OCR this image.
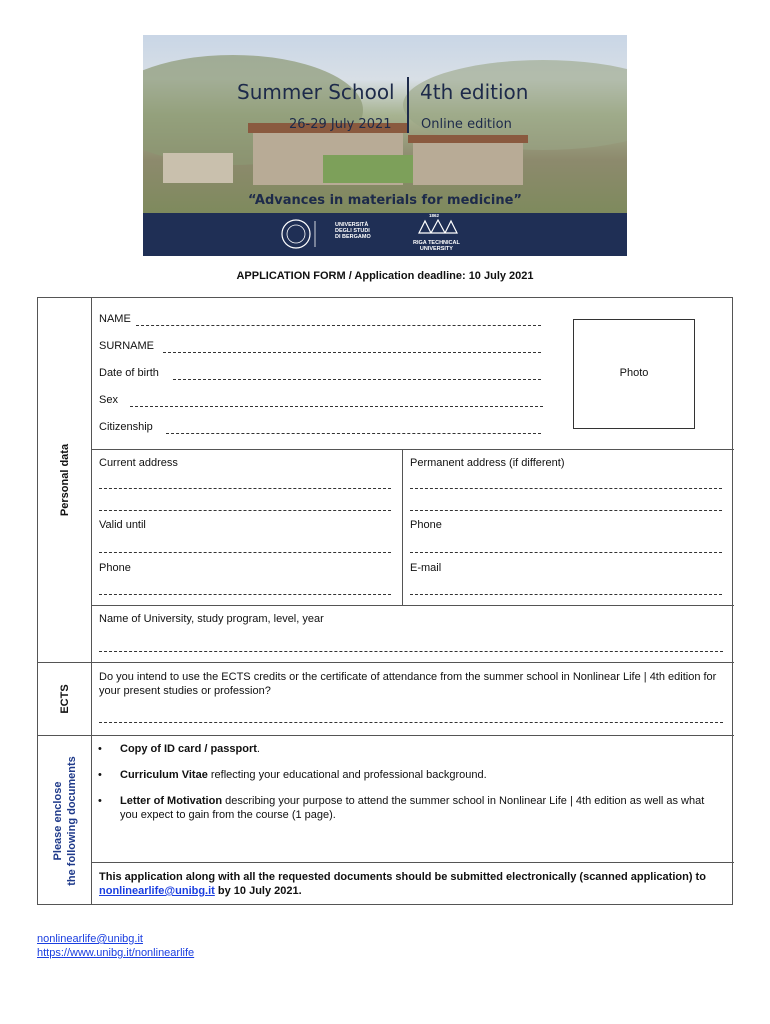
Summer School 4th edition
26-29 July 2021 Online edition
“Advances in materials for medicine”
UNIVERSITÀ
DEGLI STUDI
DI BERGAMO
1862
RIGA TECHNICAL
UNIVERSITY
APPLICATION FORM / Application deadline: 10 July 2021
Personal data
ECTS
Please enclose the following documents
NAME
SURNAME
Date of birth
Sex
Citizenship
Photo
Current address
Valid until
Phone
Permanent address (if different)
Phone
E-mail
Name of University, study program, level, year
Do you intend to use the ECTS credits or the certificate of attendance from the summer school in Nonlinear Life | 4th edition for your present studies or profession?
• Copy of ID card / passport.
• Curriculum Vitae reflecting your educational and professional background.
• Letter of Motivation describing your purpose to attend the summer school in Nonlinear Life | 4th edition as well as what you expect to gain from the course (1 page).
This application along with all the requested documents should be submitted electronically (scanned application) to nonlinearlife@unibg.it by 10 July 2021.
nonlinearlife@unibg.it
https://www.unibg.it/nonlinearlife
